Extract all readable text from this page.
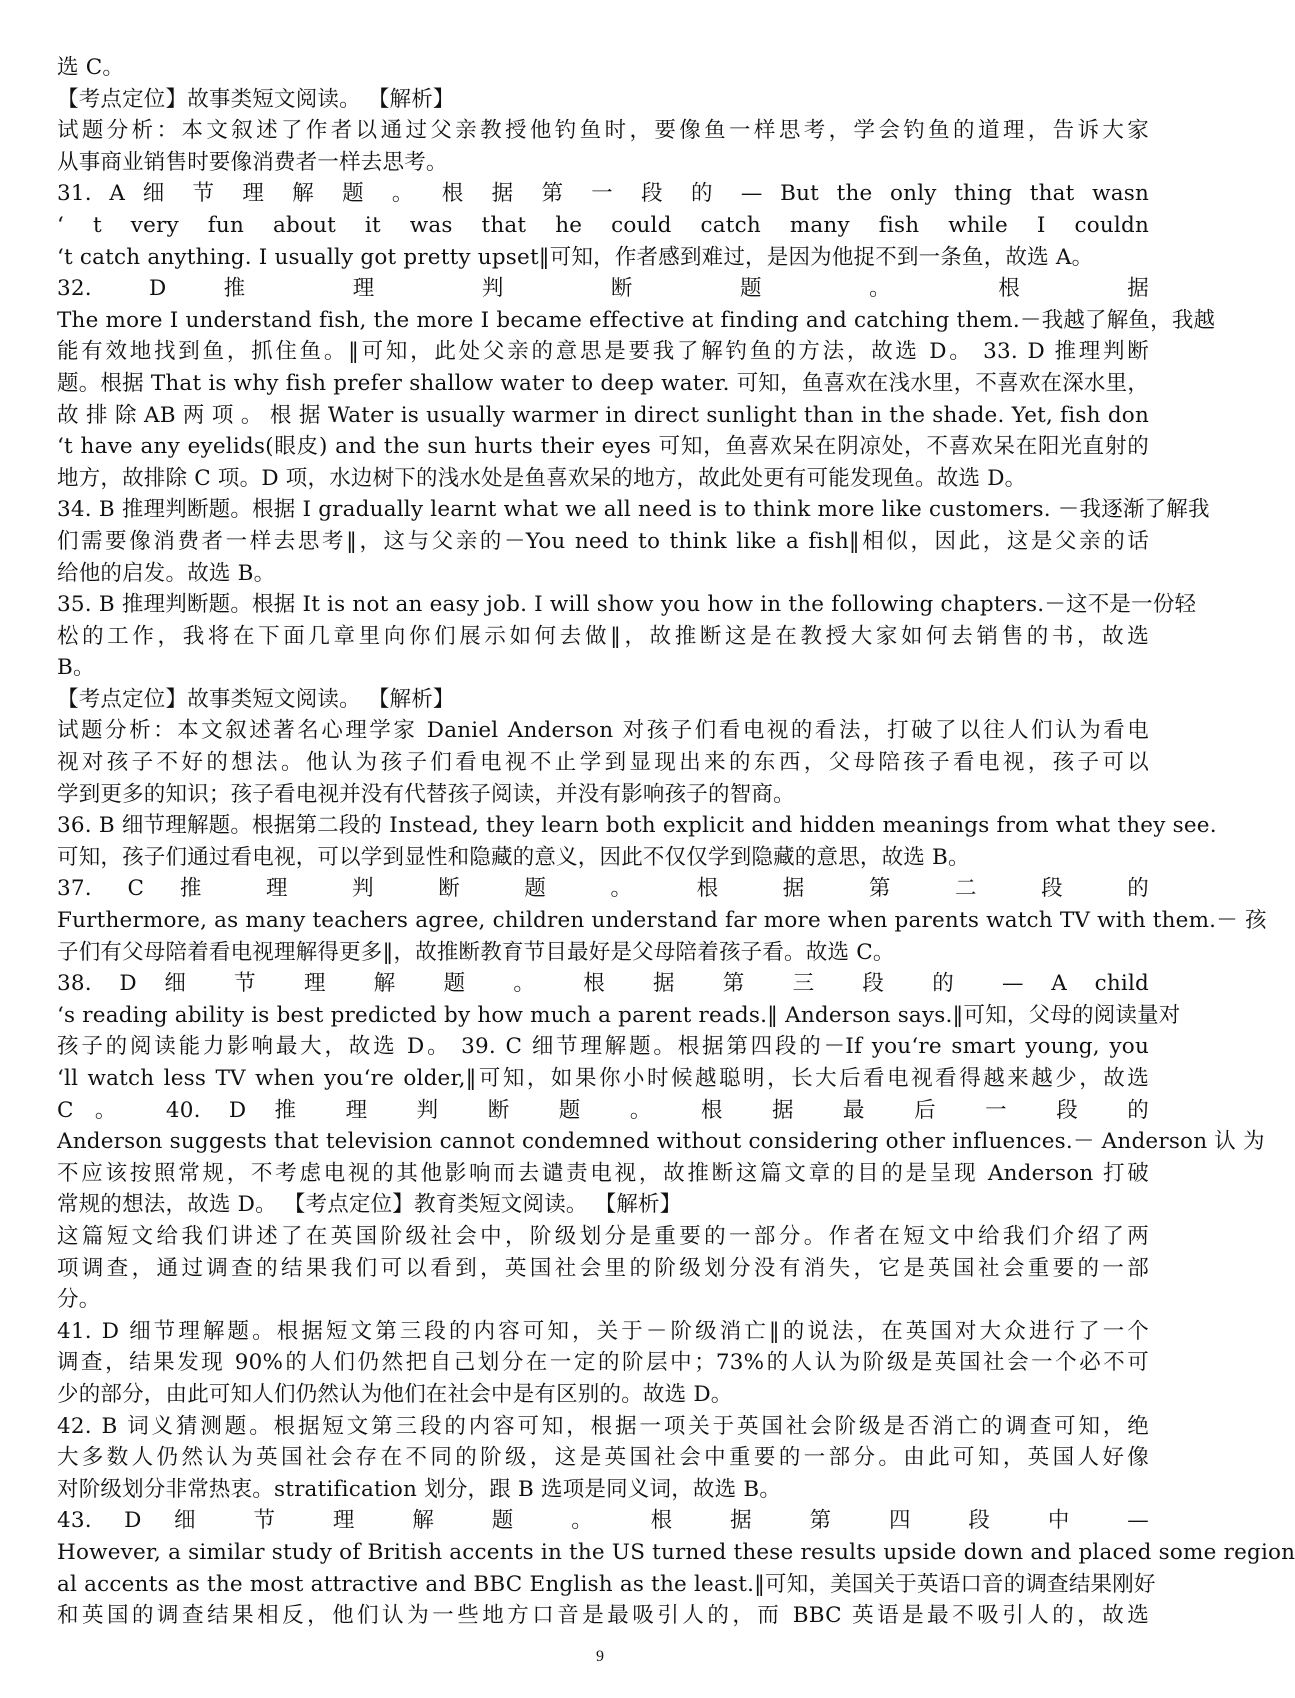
选 C。
【考点定位】故事类短文阅读。 【解析】
试题分析：本文叙述了作者以通过父亲教授他钓鱼时，要像鱼一样思考，学会钓鱼的道理，告诉大家
从事商业销售时要像消费者一样去思考。
31. A 细 节 理 解 题 。 根 据 第 一 段 的 — But the only thing that wasn
‘ t very fun about it was that he could catch many fish while I couldn
‘t catch anything. I usually got pretty upset‖可知，作者感到难过，是因为他捉不到一条鱼，故选 A。
32. D 推 理 判 断 题 。 根 据
The more I understand fish, the more I became effective at finding and catching them.－我越了解鱼，我越
能有效地找到鱼，抓住鱼。‖可知，此处父亲的意思是要我了解钓鱼的方法，故选 D。 33. D 推理判断
题。根据 That is why fish prefer shallow water to deep water. 可知，鱼喜欢在浅水里，不喜欢在深水里，
故 排 除 AB 两 项 。 根 据 Water is usually warmer in direct sunlight than in the shade. Yet, fish don
‘t have any eyelids(眼皮) and the sun hurts their eyes 可知，鱼喜欢呆在阴凉处，不喜欢呆在阳光直射的
地方，故排除 C 项。D 项，水边树下的浅水处是鱼喜欢呆的地方，故此处更有可能发现鱼。故选 D。
34. B 推理判断题。根据 I gradually learnt what we all need is to think more like customers. －我逐渐了解我
们需要像消费者一样去思考‖，这与父亲的－You need to think like a fish‖相似，因此，这是父亲的话
给他的启发。故选 B。
35. B 推理判断题。根据 It is not an easy job. I will show you how in the following chapters.－这不是一份轻
松的工作，我将在下面几章里向你们展示如何去做‖，故推断这是在教授大家如何去销售的书，故选
B。
【考点定位】故事类短文阅读。 【解析】
试题分析：本文叙述著名心理学家 Daniel Anderson 对孩子们看电视的看法，打破了以往人们认为看电
视对孩子不好的想法。他认为孩子们看电视不止学到显现出来的东西，父母陪孩子看电视，孩子可以
学到更多的知识；孩子看电视并没有代替孩子阅读，并没有影响孩子的智商。
36. B 细节理解题。根据第二段的 Instead, they learn both explicit and hidden meanings from what they see.
可知，孩子们通过看电视，可以学到显性和隐藏的意义，因此不仅仅学到隐藏的意思，故选 B。
37. C 推 理 判 断 题 。 根 据 第 二 段 的
Furthermore, as many teachers agree, children understand far more when parents watch TV with them.－ 孩
子们有父母陪着看电视理解得更多‖，故推断教育节目最好是父母陪着孩子看。故选 C。
38. D 细 节 理 解 题 。 根 据 第 三 段 的 — A child
‘s reading ability is best predicted by how much a parent reads.‖ Anderson says.‖可知，父母的阅读量对
孩子的阅读能力影响最大，故选 D。 39. C 细节理解题。根据第四段的－If you‘re smart young, you
‘ll watch less TV when you‘re older,‖可知，如果你小时候越聪明，长大后看电视看得越来越少，故选
C。 40. D 推 理 判 断 题 。 根 据 最 后 一 段 的
Anderson suggests that television cannot condemned without considering other influences.－ Anderson 认 为
不应该按照常规，不考虑电视的其他影响而去谴责电视，故推断这篇文章的目的是呈现 Anderson 打破
常规的想法，故选 D。 【考点定位】教育类短文阅读。 【解析】
这篇短文给我们讲述了在英国阶级社会中，阶级划分是重要的一部分。作者在短文中给我们介绍了两
项调查，通过调查的结果我们可以看到，英国社会里的阶级划分没有消失，它是英国社会重要的一部
分。
41. D 细节理解题。根据短文第三段的内容可知，关于－阶级消亡‖的说法，在英国对大众进行了一个
调查，结果发现 90%的人们仍然把自己划分在一定的阶层中；73%的人认为阶级是英国社会一个必不可
少的部分，由此可知人们仍然认为他们在社会中是有区别的。故选 D。
42. B 词义猜测题。根据短文第三段的内容可知，根据一项关于英国社会阶级是否消亡的调查可知，绝
大多数人仍然认为英国社会存在不同的阶级，这是英国社会中重要的一部分。由此可知，英国人好像
对阶级划分非常热衷。stratification 划分，跟 B 选项是同义词，故选 B。
43. D 细 节 理 解 题 。 根 据 第 四 段 中 —
However, a similar study of British accents in the US turned these results upside down and placed some region
al accents as the most attractive and BBC English as the least.‖可知，美国关于英语口音的调查结果刚好
和英国的调查结果相反，他们认为一些地方口音是最吸引人的，而 BBC 英语是最不吸引人的，故选
9
